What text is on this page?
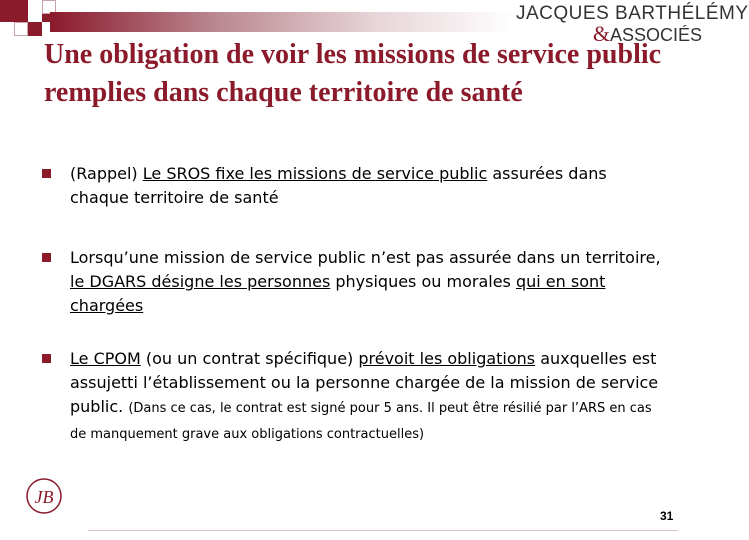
JACQUES BARTHÉLÉMY
&ASSOCIÉS
Une obligation de voir les missions de service public remplies dans chaque territoire de santé
(Rappel) Le SROS fixe les missions de service public assurées dans chaque territoire de santé
Lorsqu’une mission de service public n’est pas assurée dans un territoire, le DGARS désigne les personnes physiques ou morales qui en sont chargées
Le CPOM (ou un contrat spécifique) prévoit les obligations auxquelles est assujetti l’établissement ou la personne chargée de la mission de service public. (Dans ce cas, le contrat est signé pour 5 ans. Il peut être résilié par l’ARS en cas de manquement grave aux obligations contractuelles)
JB
31
